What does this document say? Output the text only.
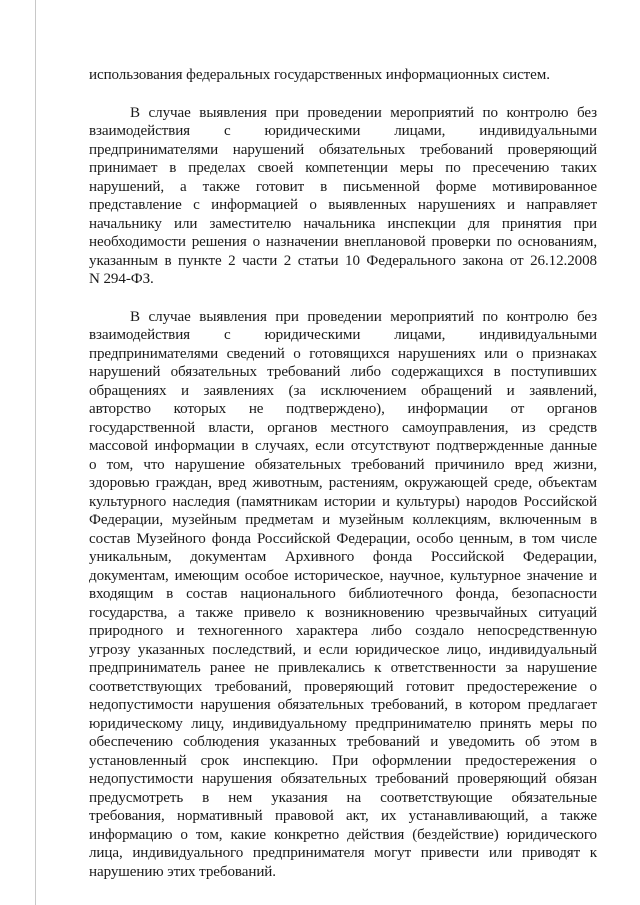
использования федеральных государственных информационных систем.
В случае выявления при проведении мероприятий по контролю без
взаимодействия с юридическими лицами, индивидуальными
предпринимателями нарушений обязательных требований проверяющий
принимает в пределах своей компетенции меры по пресечению таких
нарушений, а также готовит в письменной форме мотивированное
представление с информацией о выявленных нарушениях и направляет
начальнику или заместителю начальника инспекции для принятия при
необходимости решения о назначении внеплановой проверки по основаниям,
указанным в пункте 2 части 2 статьи 10 Федерального закона от 26.12.2008
N 294-ФЗ.
В случае выявления при проведении мероприятий по контролю без
взаимодействия с юридическими лицами, индивидуальными
предпринимателями сведений о готовящихся нарушениях или о признаках
нарушений обязательных требований либо содержащихся в поступивших
обращениях и заявлениях (за исключением обращений и заявлений,
авторство которых не подтверждено), информации от органов
государственной власти, органов местного самоуправления, из средств
массовой информации в случаях, если отсутствуют подтвержденные данные
о том, что нарушение обязательных требований причинило вред жизни,
здоровью граждан, вред животным, растениям, окружающей среде, объектам
культурного наследия (памятникам истории и культуры) народов Российской
Федерации, музейным предметам и музейным коллекциям, включенным в
состав Музейного фонда Российской Федерации, особо ценным, в том числе
уникальным, документам Архивного фонда Российской Федерации,
документам, имеющим особое историческое, научное, культурное значение и
входящим в состав национального библиотечного фонда, безопасности
государства, а также привело к возникновению чрезвычайных ситуаций
природного и техногенного характера либо создало непосредственную
угрозу указанных последствий, и если юридическое лицо, индивидуальный
предприниматель ранее не привлекались к ответственности за нарушение
соответствующих требований, проверяющий готовит предостережение о
недопустимости нарушения обязательных требований, в котором предлагает
юридическому лицу, индивидуальному предпринимателю принять меры по
обеспечению соблюдения указанных требований и уведомить об этом в
установленный срок инспекцию. При оформлении предостережения о
недопустимости нарушения обязательных требований проверяющий обязан
предусмотреть в нем указания на соответствующие обязательные
требования, нормативный правовой акт, их устанавливающий, а также
информацию о том, какие конкретно действия (бездействие) юридического
лица, индивидуального предпринимателя могут привести или приводят к
нарушению этих требований.
